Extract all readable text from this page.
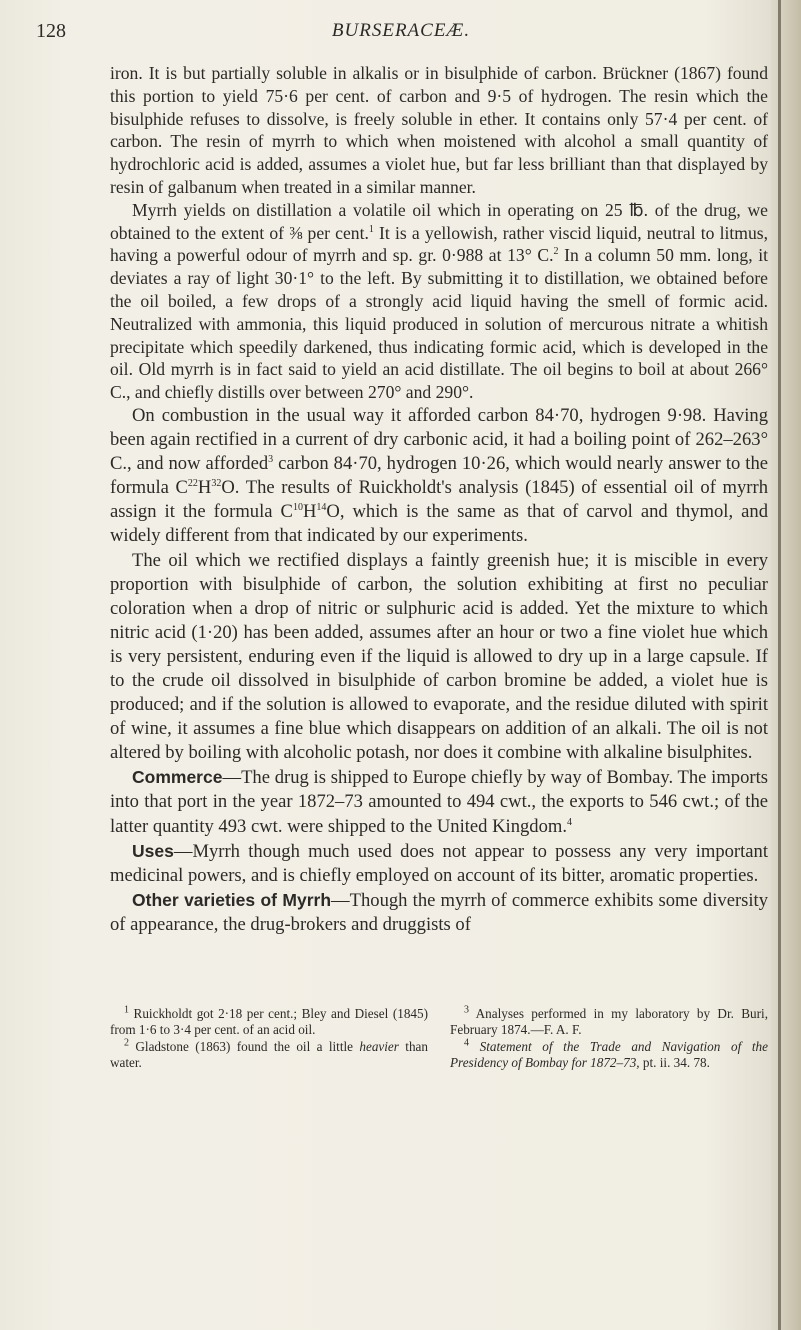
128	BURSERACEÆ.

iron. It is but partially soluble in alkalis or in bisulphide of carbon. Brückner (1867) found this portion to yield 75·6 per cent. of carbon and 9·5 of hydrogen. The resin which the bisulphide refuses to dissolve, is freely soluble in ether. It contains only 57·4 per cent. of carbon. The resin of myrrh to which when moistened with alcohol a small quantity of hydrochloric acid is added, assumes a violet hue, but far less brilliant than that displayed by resin of galbanum when treated in a similar manner.

Myrrh yields on distillation a volatile oil which in operating on 25 ℔. of the drug, we obtained to the extent of ⅜ per cent.$^1$ It is a yellowish, rather viscid liquid, neutral to litmus, having a powerful odour of myrrh and sp. gr. 0·988 at 13° C.$^2$ In a column 50 mm. long, it deviates a ray of light 30·1° to the left. By submitting it to distillation, we obtained before the oil boiled, a few drops of a strongly acid liquid having the smell of formic acid. Neutralized with ammonia, this liquid produced in solution of mercurous nitrate a whitish precipitate which speedily darkened, thus indicating formic acid, which is developed in the oil. Old myrrh is in fact said to yield an acid distillate. The oil begins to boil at about 266° C., and chiefly distills over between 270° and 290°.

On combustion in the usual way it afforded carbon 84·70, hydrogen 9·98. Having been again rectified in a current of dry carbonic acid, it had a boiling point of 262–263° C., and now afforded$^3$ carbon 84·70, hydrogen 10·26, which would nearly answer to the formula $C^{22}H^{32}O$. The results of Ruickholdt's analysis (1845) of essential oil of myrrh assign it the formula $C^{10}H^{14}O$, which is the same as that of carvol and thymol, and widely different from that indicated by our experiments.

The oil which we rectified displays a faintly greenish hue; it is miscible in every proportion with bisulphide of carbon, the solution exhibiting at first no peculiar coloration when a drop of nitric or sulphuric acid is added. Yet the mixture to which nitric acid (1·20) has been added, assumes after an hour or two a fine violet hue which is very persistent, enduring even if the liquid is allowed to dry up in a large capsule. If to the crude oil dissolved in bisulphide of carbon bromine be added, a violet hue is produced; and if the solution is allowed to evaporate, and the residue diluted with spirit of wine, it assumes a fine blue which disappears on addition of an alkali. The oil is not altered by boiling with alcoholic potash, nor does it combine with alkaline bisulphites.

Commerce—The drug is shipped to Europe chiefly by way of Bombay. The imports into that port in the year 1872–73 amounted to 494 cwt., the exports to 546 cwt.; of the latter quantity 493 cwt. were shipped to the United Kingdom.$^4$

Uses—Myrrh though much used does not appear to possess any very important medicinal powers, and is chiefly employed on account of its bitter, aromatic properties.

Other varieties of Myrrh—Though the myrrh of commerce exhibits some diversity of appearance, the drug-brokers and druggists of

$^1$ Ruickholdt got 2·18 per cent.; Bley and Diesel (1845) from 1·6 to 3·4 per cent. of an acid oil.

$^2$ Gladstone (1863) found the oil a little heavier than water.

$^3$ Analyses performed in my laboratory by Dr. Buri, February 1874.—F. A. F.

$^4$ Statement of the Trade and Navigation of the Presidency of Bombay for 1872–73, pt. ii. 34. 78.
